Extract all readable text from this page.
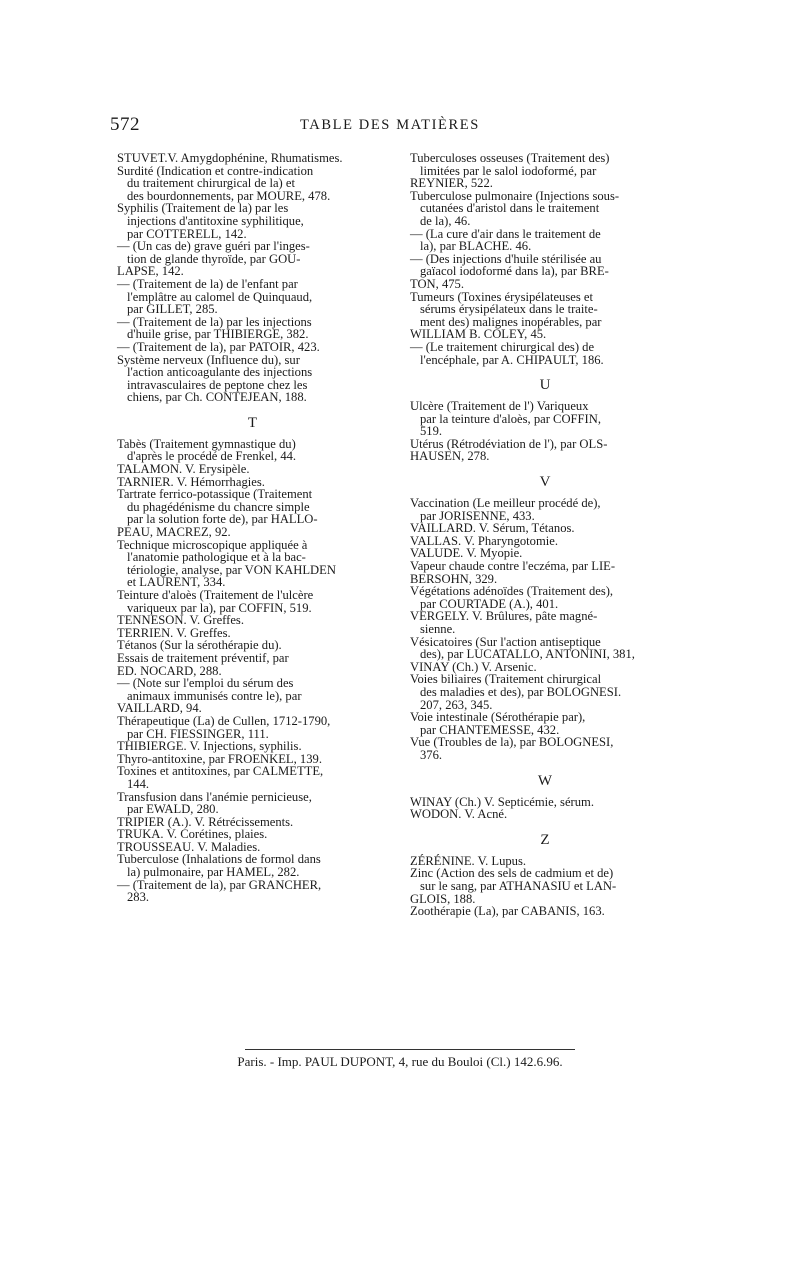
572	TABLE DES MATIÈRES
STUVET.V. Amygdophénine, Rhumatismes.
Surdité (Indication et contre-indication
du traitement chirurgical de la) et
des bourdonnements, par MOURE, 478.
Syphilis (Traitement de la) par les
injections d'antitoxine syphilitique,
par COTTERELL, 142.
— (Un cas de) grave guéri par l'inges-
tion de glande thyroïde, par GOU-
LAPSE, 142.
— (Traitement de la) de l'enfant par
l'emplâtre au calomel de Quinquaud,
par GILLET, 285.
— (Traitement de la) par les injections
d'huile grise, par THIBIERGE, 382.
— (Traitement de la), par PATOIR, 423.
Système nerveux (Influence du), sur
l'action anticoagulante des injections
intravasculaires de peptone chez les
chiens, par Ch. CONTEJEAN, 188.
T
Tabès (Traitement gymnastique du)
d'après le procédé de Frenkel, 44.
TALAMON. V. Erysipèle.
TARNIER. V. Hémorrhagies.
Tartrate ferrico-potassique (Traitement
du phagédénisme du chancre simple
par la solution forte de), par HALLO-
PEAU, MACREZ, 92.
Technique microscopique appliquée à
l'anatomie pathologique et à la bac-
tériologie, analyse, par VON KAHLDEN
et LAURENT, 334.
Teinture d'aloès (Traitement de l'ulcère
variqueux par la), par COFFIN, 519.
TENNESON. V. Greffes.
TERRIEN. V. Greffes.
Tétanos (Sur la sérothérapie du).
Essais de traitement préventif, par
ED. NOCARD, 288.
— (Note sur l'emploi du sérum des
animaux immunisés contre le), par
VAILLARD, 94.
Thérapeutique (La) de Cullen, 1712-1790,
par CH. FIESSINGER, 111.
THIBIERGE. V. Injections, syphilis.
Thyro-antitoxine, par FROENKEL, 139.
Toxines et antitoxines, par CALMETTE,
144.
Transfusion dans l'anémie pernicieuse,
par EWALD, 280.
TRIPIER (A.). V. Rétrécissements.
TRUKA. V. Corétines, plaies.
TROUSSEAU. V. Maladies.
Tuberculose (Inhalations de formol dans
la) pulmonaire, par HAMEL, 282.
— (Traitement de la), par GRANCHER,
283.
Tuberculoses osseuses (Traitement des)
limitées par le salol iodoformé, par
REYNIER, 522.
Tuberculose pulmonaire (Injections sous-
cutanées d'aristol dans le traitement
de la), 46.
— (La cure d'air dans le traitement de
la), par BLACHE. 46.
— (Des injections d'huile stérilisée au
gaïacol iodoformé dans la), par BRE-
TON, 475.
Tumeurs (Toxines érysipélateuses et
sérums érysipélateux dans le traite-
ment des) malignes inopérables, par
WILLIAM B. COLEY, 45.
— (Le traitement chirurgical des) de
l'encéphale, par A. CHIPAULT, 186.
U
Ulcère (Traitement de l') Variqueux
par la teinture d'aloès, par COFFIN,
519.
Utérus (Rétrodéviation de l'), par OLS-
HAUSEN, 278.
V
Vaccination (Le meilleur procédé de),
par JORISENNE, 433.
VAILLARD. V. Sérum, Tétanos.
VALLAS. V. Pharyngotomie.
VALUDE. V. Myopie.
Vapeur chaude contre l'eczéma, par LIE-
BERSOHN, 329.
Végétations adénoïdes (Traitement des),
par COURTADE (A.), 401.
VERGELY. V. Brûlures, pâte magné-
sienne.
Vésicatoires (Sur l'action antiseptique
des), par LUCATALLO, ANTONINI, 381,
VINAY (Ch.) V. Arsenic.
Voies biliaires (Traitement chirurgical
des maladies et des), par BOLOGNESI.
207, 263, 345.
Voie intestinale (Sérothérapie par),
par CHANTEMESSE, 432.
Vue (Troubles de la), par BOLOGNESI,
376.
W
WINAY (Ch.) V. Septicémie, sérum.
WODON. V. Acné.
Z
ZÉRÉNINE. V. Lupus.
Zinc (Action des sels de cadmium et de)
sur le sang, par ATHANASIU et LAN-
GLOIS, 188.
Zoothérapie (La), par CABANIS, 163.
Paris. - Imp. PAUL DUPONT, 4, rue du Bouloi (Cl.) 142.6.96.
